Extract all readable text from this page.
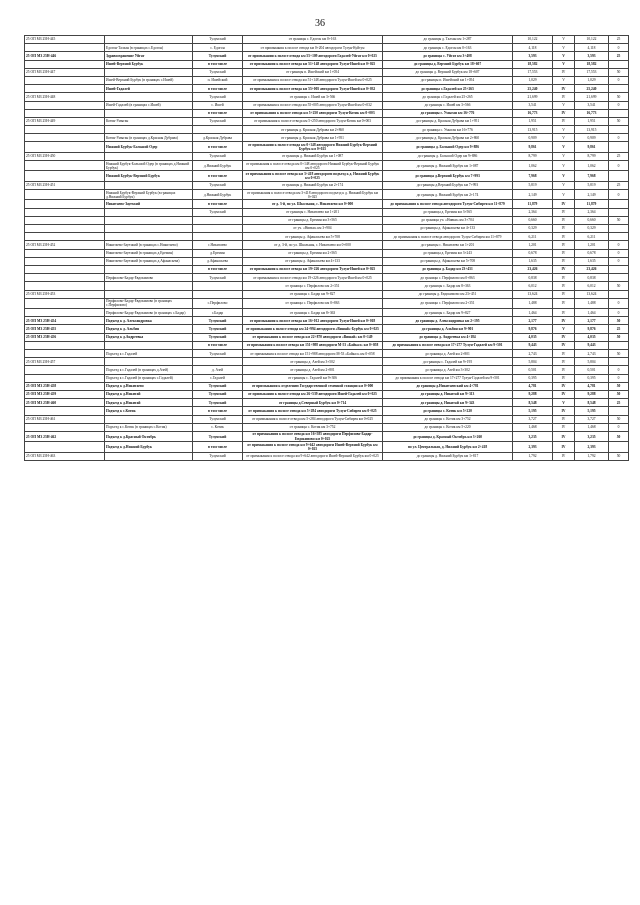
36
25 ОП МЗ 25Н-445		Тулунский	от границы с. Едогон км 0+163	до границы д. Талхан км 1+287	10,122	V	10,122	25
	Едогон-Талхан (в границах с.Едогон)	с. Едогон	от примыкания к полосе отвода км 0+204 автодороги Тулун-Куйтун	до границы с. Едогон км 0+163	4,118	V	4,118	0
25 ОП МЗ 25Н-446	Здравоохранение Уйгат	Тулунский	от примыкания к полосе отвода км 55+109 автодороги Гадалей-Уйгат км 0+025	до границы с. Уйгат км 3+408	3,593	V	3,593	25
	Ишей-Верхний Бурбук	в том числе	от примыкания к полосе отвода км 51+148 автодороги Тулун-Ишей км 0+025	до границы д. Верхний Бурбук км 18+607	18,582	V	18,582	
25 ОП МЗ 25Н-447		Тулунский	от границы п. Ишейский км 1+054	до границы д. Верхний Бурбук км 18+607	17,553	IV	17,553	50
	Ишей-Верхний Бурбук (в границах с.Ишей)	п. Ишейский	от примыкания к полосе отвода км 51+148 автодороги Тулун-Ишей км 0+025	до границы п. Ишейский км 1+054	1,029	V	1,029	0
	Ишей-Гадалей	в том числе	от примыкания к полосе отвода км 55+005 автодороги Тулун-Ишей км 0+032	до границы с.Гадалей км 25+265	25,240	IV	25,240	
25 ОП МЗ 25Н-448		Тулунский	от границы с. Ишей км 3+566	до границы с.Гадалей км 25+265	21,699	IV	21,699	50
	Ишей-Гадалей (в границах с.Ишей)	с. Ишей	от примыкания к полосе отвода км 55+005 автодороги Тулун-Ишей км 0+032	до границы с. Ишей км 3+566	3,541	V	3,541	0
		в том числе	от примыкания к полосе отвода км 5+250 автодороги Тулун-Котик км 0+003	до границы с. Умыган км 16+776	16,773	IV	16,773	
25 ОП МЗ 25Н-449	Котик-Умыган	Тулунский	от примыкания к полосе отвода км 5+250 автодороги Тулун-Котик км 0+003	до границы д. Красная Дубрава км 1+951	1,951	IV	1,951	50
			от границы д. Красная Дубрава км 2+860	до границы с. Умыган км 16+776	13,915	V	13,915	
	Котик-Умыган (в границах д.Красная Дубрава)	д.Красная Дубрава	от границы д. Красная Дубрава км 1+951	до границы д. Красная Дубрава км 2+860	0,909	V	0,909	0
	Нижний Бурбук-Большой Одер	в том числе	от примыкания к полосе отвода км 0+148 автодороги Нижний Бурбук-Верхний Бурбук км 0+025	до границы д. Большой Одер км 9+886	9,861	V	9,861	
25 ОП МЗ 25Н-450		Тулунский	от границы д. Нижний Бурбук км 1+087	до границы д. Большой Одер км 9+886	8,799	V	8,799	25
	Нижний Бурбук-Большой Одер (в границах д.Нижний Бурбук)	д.Нижний Бурбук	от примыкания к полосе отвода км 0+148 автодороги Нижний Бурбук-Верхний Бурбук км 0+025	до границы д. Нижний Бурбук км 1+087	1,062	V	1,062	0
	Нижний Бурбук-Верхний Бурбук	в том числе	от примыкания к полосе отвода км 3+418 автодороги подъезд к д. Нижний Бурбук км 0+025	до границы д.Верхний Бурбук км 7+993	7,968	V	7,968	
25 ОП МЗ 25Н-451		Тулунский	от границы д. Нижний Бурбук км 2+174	до границы д.Верхний Бурбук км 7+993	5,819	V	5,819	25
	Нижний Бурбук-Верхний Бурбук (в границах д.Нижний Бурбук)	д.Нижний Бурбук	от примыкания к полосе отвода км 3+418 автодороги подъезд к д. Нижний Бурбук км 0+025	до границы д. Нижний Бурбук км 2+174	2,149	V	2,149	0
	Никитаево-Зауезжий	в том числе	от д. 3-й, по ул. Школьная, с. Никитаево км 0+000	до примыкания к полосе отвода автодороги Тулун-Сибирея км 11+879	11,879	IV	11,879	
		Тулунский	от границы с. Никитаево км 1+201	до границы д. Еремин км 3+565	2,364	IV	2,364	
			от границы д. Еремин км 3+565	до границы уч. «Нивки» км 3+704	0,660	IV	0,660	50
			от уч. «Нивки» км 3+904	до границы д. Афанасьева км 4+133	0,329	IV	0,329	
			от границы д. Афанасьева км 5+708	до примыкания к полосе отвода автодороги Тулун-Сибирея км 11+879	6,211	IV	6,211	
25 ОП МЗ 25Н-452	Никитаево-Зауезжий (в границах с.Никитаево)	с.Никитаево	от д. 3-й, по ул. Школьная, с. Никитаево км 0+000	до границы с. Никитаево км 1+201	1,201	IV	1,201	0
	Никитаево-Зауезжий (в границах д.Еремин)	д.Еремин	от границы д. Еремин км 2+565	до границы д. Еремин км 3+243	0,678	IV	0,678	0
	Никитаево-Зауезжий (в границах д.Афанасьева)	д.Афанасьева	от границы д. Афанасьева км 4+133	до границы д. Афанасьева км 5+708	1,635	IV	1,635	0
		в том числе	от примыкания к полосе отвода км 19+226 автодороги Тулун-Ишей км 0+025	до границы д. Бадар км 23+451	23,426	IV	23,426	
	Перфилово-Бадар-Евдокимово	Тулунский	от примыкания к полосе отвода км 19+226 автодороги Тулун-Ишей км 0+025	до границы с. Перфилово км 0+863	0,838	IV	0,838	
			от границы с. Перфилово км 2+351	до границы с. Бадар км 8+363	6,012	IV	6,012	50
25 ОП МЗ 25Н-453			от границы с. Бадар км 9+827	до границы д. Евдокимово км 23+451	13,624	IV	13,624	
	Перфилово-Бадар-Евдокимово (в границах с.Перфилово)	с.Перфилово	от границы с. Перфилово км 0+863	до границы с. Перфилово км 2+351	1,488	IV	1,488	0
	Перфилово-Бадар-Евдокимово (в границах с.Бадар)	с.Бадар	от границы с. Бадар км 8+363	до границы с. Бадар км 9+827	1,464	IV	1,464	0
25 ОП МЗ 25Н-454	Подъезд к д. Александровка	Тулунский	от примыкания к полосе отвода км 16+012 автодороги Тулун-Ишей км 0+018	до границы д. Александровка км 2+195	2,177	IV	2,177	50
25 ОП МЗ 25Н-455	Подъезд к д. Альбин	Тулунский	от примыкания к полосе отвода км 24+994 автодороги «Вишай»-Бурбук км 0+025	до границы д. Альбин км 9+901	9,876	V	9,876	25
25 ОП МЗ 25Н-456	Подъезд к д.Андреевка	Тулунский	от примыкания к полосе отвода км 22+870 автодороги «Вишай» км 0+149	до границы д. Андреевка км 4+184	4,035	IV	4,035	50
		в том числе	от примыкания к полосе отвода км 151+988 автодороги М-53 «Байкал» км 0+058	до примыкания к полосе отвода км 17+277 Тулун-Гадалей км 9+501	9,443	IV	9,443	
	Подъезд к с.Гадалей	Тулунский	от примыкания к полосе отвода км 151+988 автодороги М-53 «Байкал» км 0+058	до границы д. Азей км 2+801	2,743	IV	2,743	50
25 ОП МЗ 25Н-457			от границы д. Азей км 3+502	до границы с. Гадалей км 9+195	5,804	IV	5,804	
	Подъезд к с.Гадалей (в границах д.Азей)	д. Азей	от границы д. Азей км 2+801	до границы д. Азей км 3+302	0,501	IV	0,501	0
	Подъезд к с.Гадалей (в границах с.Гадалей)	с.Гадалей	от границы с. Гадалей км 9+306	до примыкания к полосе отвода км 17+277 Тулун-Гадалей км 9+501	0,395	IV	0,395	0
25 ОП МЗ 25Н-458	Подъезд к д.Никитаево	Тулунский	от примыкания к отделению Государственной семенной станции км 0+000	до границы д.Никитаевский км 4+781	4,781	IV	4,781	50
25 ОП МЗ 25Н-459	Подъезд к д.Никитай	Тулунский	от примыкания к полосе отвода км 26+539 автодороги Ишей-Гадалей км 0+025	до границы д. Никитай км 9+313	9,288	IV	9,288	50
25 ОП МЗ 25Н-460	Подъезд к д.Никитай	Тулунский	от границы д.Северный Бурбук км 0+714	до границы д. Никитай км 9+343	8,548	V	8,548	25
	Подъезд к с.Котик	в том числе	от примыкания к полосе отвода км 5+284 автодороги Тулун-Сибирея км 0+025	до границы с. Котик км 5+220	5,195	IV	5,195	
25 ОП МЗ 25Н-461		Тулунский	от примыкания к полосе отвода км 5+284 автодороги Тулун-Сибирея км 0+025	до границы с. Котик км 3+752	3,727	IV	3,727	50
	Подъезд к с.Котик (в границах с.Котик)	с. Котик	от границы с. Котик км 3+752	до границы с. Котик км 5+220	1,468	IV	1,468	0
25 ОП МЗ 25Н-462	Подъезд к д.Красный Октябрь	Тулунский	от примыкания к полосе отвода км 16+585 автодороги Перфилово-Бадар-Евдокимово км 0+025	до границы д. Красный Октябрь км 3+260	3,235	IV	3,235	50
	Подъезд к д.Нижний Бурбук	в том числе	от примыкания к полосе отвода км 9+642 автодороги Ишей-Верхний Бурбук км 0+025	по ул. Центральная, д. Нижний Бурбук км 2+418	2,393	IV	2,393	
25 ОП МЗ 25Н-463		Тулунский	от примыкания к полосе отвода км 9+642 автодороги Ишей-Верхний Бурбук км 0+025	до границы д. Нижний Бурбук км 1+817	1,792	IV	1,792	50
